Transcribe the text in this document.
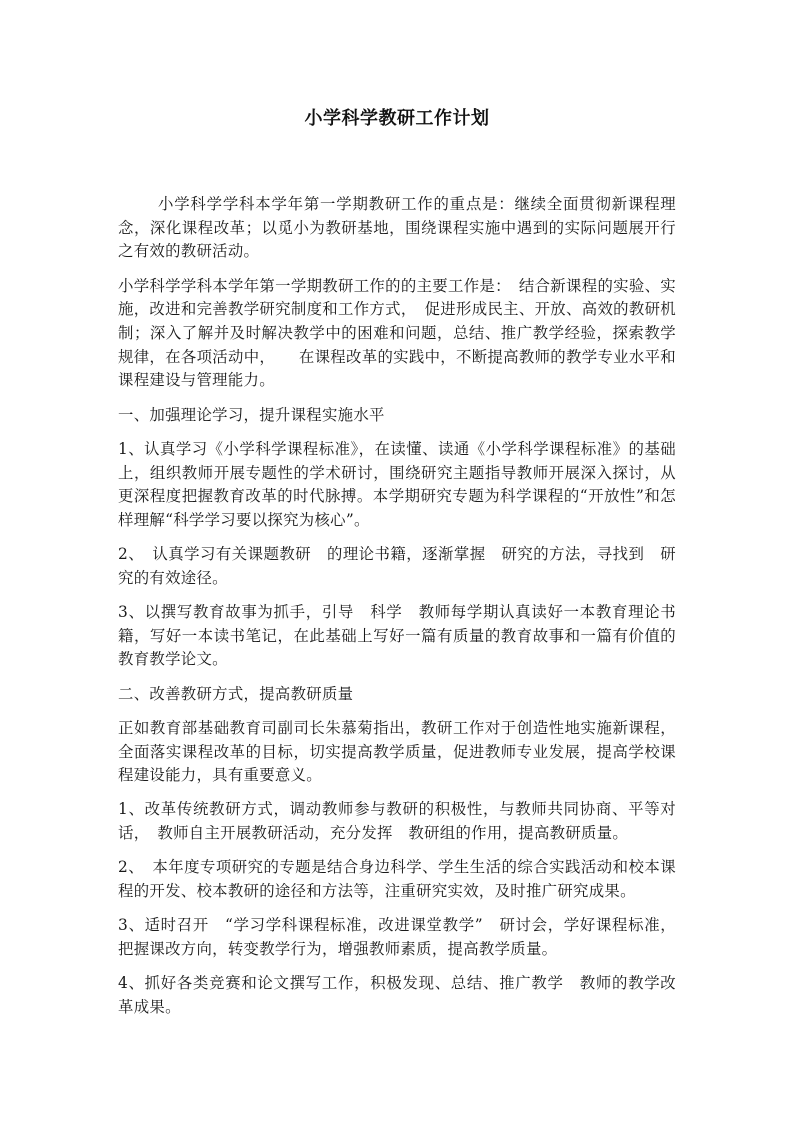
小学科学教研工作计划

小学科学学科本学年第一学期教研工作的重点是：继续全面贯彻新课程理念，深化课程改革；以觅小为教研基地，围绕课程实施中遇到的实际问题展开行之有效的教研活动。

小学科学学科本学年第一学期教研工作的的主要工作是：　结合新课程的实验、实施，改进和完善教学研究制度和工作方式，　促进形成民主、开放、高效的教研机制；深入了解并及时解决教学中的困难和问题，总结、推广教学经验，探索教学规律，在各项活动中，　　在课程改革的实践中，不断提高教师的教学专业水平和课程建设与管理能力。

一、加强理论学习，提升课程实施水平

1、认真学习《小学科学课程标准》，在读懂、读通《小学科学课程标准》的基础上，组织教师开展专题性的学术研讨，围绕研究主题指导教师开展深入探讨，从更深程度把握教育改革的时代脉搏。本学期研究专题为科学课程的“开放性”和怎样理解“科学学习要以探究为核心”。

2、　认真学习有关课题教研　的理论书籍，逐渐掌握　研究的方法，寻找到　研究的有效途径。

3、以撰写教育故事为抓手，引导　科学　教师每学期认真读好一本教育理论书籍，写好一本读书笔记，在此基础上写好一篇有质量的教育故事和一篇有价值的教育教学论文。

二、改善教研方式，提高教研质量

正如教育部基础教育司副司长朱慕菊指出，教研工作对于创造性地实施新课程，全面落实课程改革的目标，切实提高教学质量，促进教师专业发展，提高学校课程建设能力，具有重要意义。

1、改革传统教研方式，调动教师参与教研的积极性，与教师共同协商、平等对话，　教师自主开展教研活动，充分发挥　教研组的作用，提高教研质量。

2、　本年度专项研究的专题是结合身边科学、学生生活的综合实践活动和校本课程的开发、校本教研的途径和方法等，注重研究实效，及时推广研究成果。

3、适时召开　“学习学科课程标准，改进课堂教学”　研讨会，学好课程标准，把握课改方向，转变教学行为，增强教师素质，提高教学质量。

4、抓好各类竞赛和论文撰写工作，积极发现、总结、推广教学　教师的教学改革成果。
